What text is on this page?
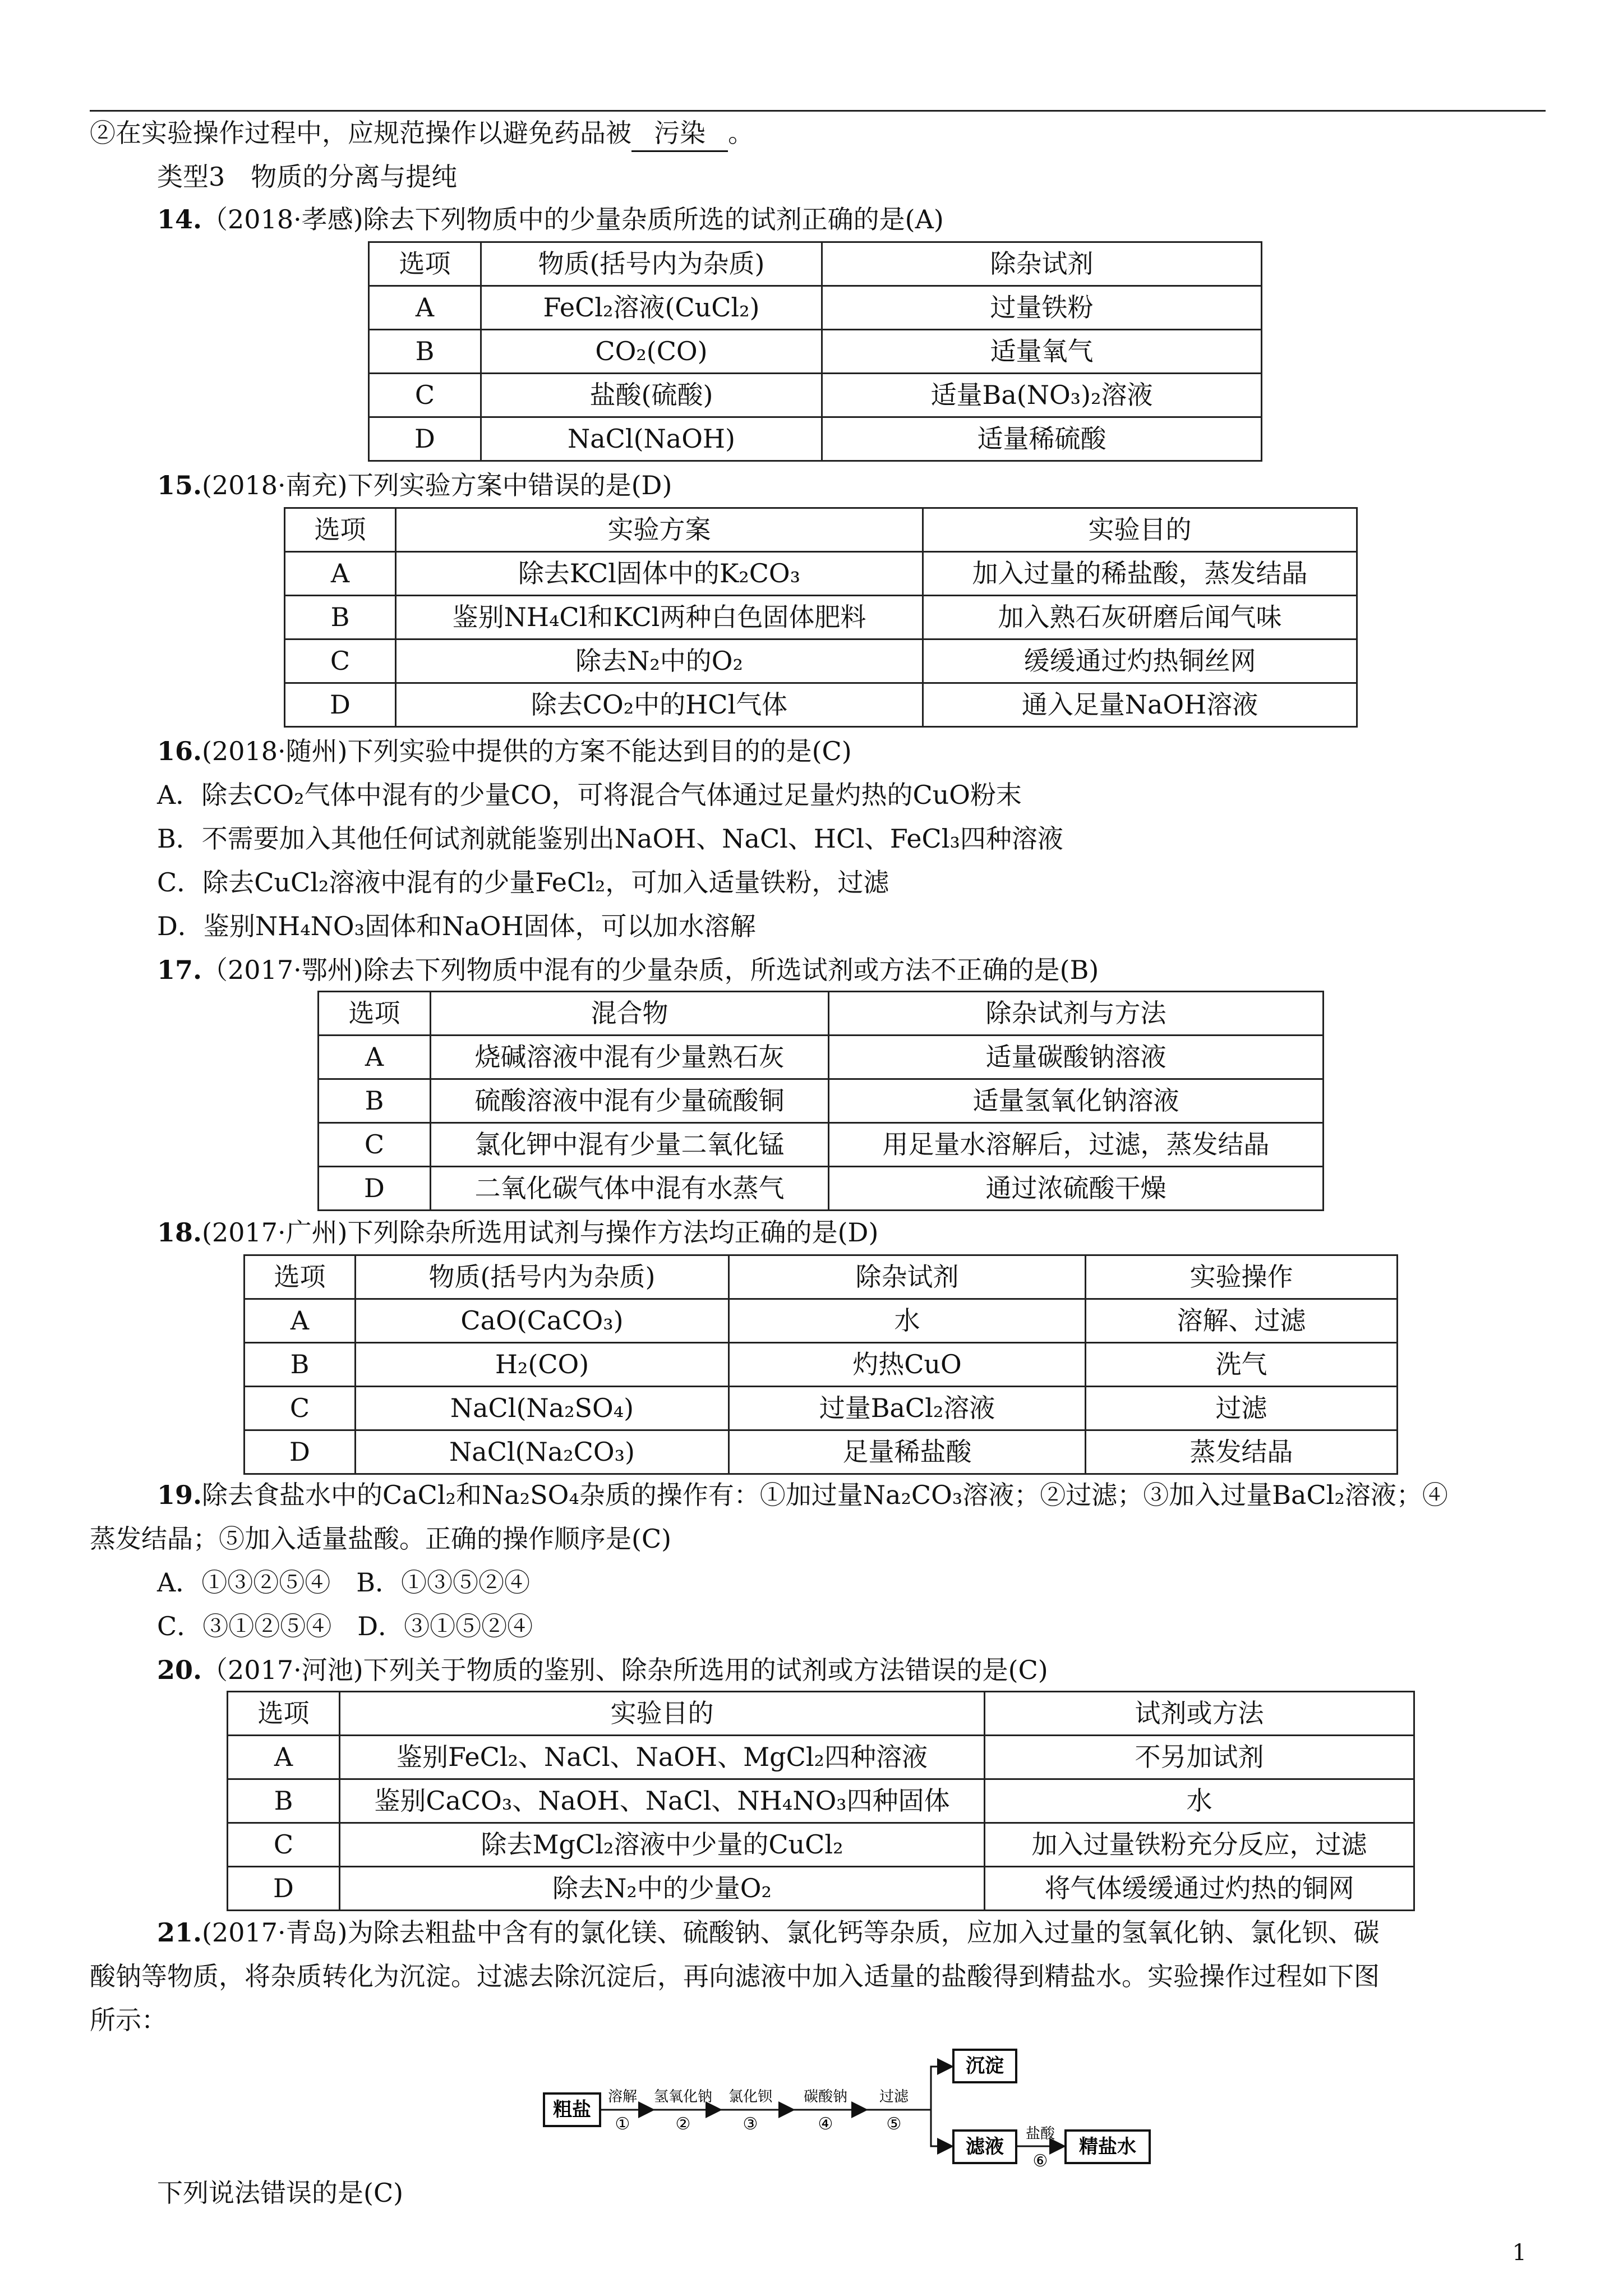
②在实验操作过程中，应规范操作以避免药品被 污染 。
类型3　物质的分离与提纯
14.（2018·孝感)除去下列物质中的少量杂质所选的试剂正确的是(A)
选项	物质(括号内为杂质)	除杂试剂
A	FeCl₂溶液(CuCl₂)	过量铁粉
B	CO₂(CO)	适量氧气
C	盐酸(硫酸)	适量Ba(NO₃)₂溶液
D	NaCl(NaOH)	适量稀硫酸
15.(2018·南充)下列实验方案中错误的是(D)
选项	实验方案	实验目的
A	除去KCl固体中的K₂CO₃	加入过量的稀盐酸，蒸发结晶
B	鉴别NH₄Cl和KCl两种白色固体肥料	加入熟石灰研磨后闻气味
C	除去N₂中的O₂	缓缓通过灼热铜丝网
D	除去CO₂中的HCl气体	通入足量NaOH溶液
16.(2018·随州)下列实验中提供的方案不能达到目的的是(C)
A．除去CO₂气体中混有的少量CO，可将混合气体通过足量灼热的CuO粉末
B．不需要加入其他任何试剂就能鉴别出NaOH、NaCl、HCl、FeCl₃四种溶液
C．除去CuCl₂溶液中混有的少量FeCl₂，可加入适量铁粉，过滤
D．鉴别NH₄NO₃固体和NaOH固体，可以加水溶解
17.（2017·鄂州)除去下列物质中混有的少量杂质，所选试剂或方法不正确的是(B)
选项	混合物	除杂试剂与方法
A	烧碱溶液中混有少量熟石灰	适量碳酸钠溶液
B	硫酸溶液中混有少量硫酸铜	适量氢氧化钠溶液
C	氯化钾中混有少量二氧化锰	用足量水溶解后，过滤，蒸发结晶
D	二氧化碳气体中混有水蒸气	通过浓硫酸干燥
18.(2017·广州)下列除杂所选用试剂与操作方法均正确的是(D)
选项	物质(括号内为杂质)	除杂试剂	实验操作
A	CaO(CaCO₃)	水	溶解、过滤
B	H₂(CO)	灼热CuO	洗气
C	NaCl(Na₂SO₄)	过量BaCl₂溶液	过滤
D	NaCl(Na₂CO₃)	足量稀盐酸	蒸发结晶
19.除去食盐水中的CaCl₂和Na₂SO₄杂质的操作有：①加过量Na₂CO₃溶液；②过滤；③加入过量BaCl₂溶液；④
蒸发结晶；⑤加入适量盐酸。正确的操作顺序是(C)
A．①③②⑤④　B．①③⑤②④
C．③①②⑤④　D．③①⑤②④
20.（2017·河池)下列关于物质的鉴别、除杂所选用的试剂或方法错误的是(C)
选项	实验目的	试剂或方法
A	鉴别FeCl₂、NaCl、NaOH、MgCl₂四种溶液	不另加试剂
B	鉴别CaCO₃、NaOH、NaCl、NH₄NO₃四种固体	水
C	除去MgCl₂溶液中少量的CuCl₂	加入过量铁粉充分反应，过滤
D	除去N₂中的少量O₂	将气体缓缓通过灼热的铜网
21.(2017·青岛)为除去粗盐中含有的氯化镁、硫酸钠、氯化钙等杂质，应加入过量的氢氧化钠、氯化钡、碳
酸钠等物质，将杂质转化为沉淀。过滤去除沉淀后，再向滤液中加入适量的盐酸得到精盐水。实验操作过程如下图
所示：
粗盐
溶解
①
氢氧化钠
②
氯化钡
③
碳酸钠
④
过滤
⑤
沉淀
滤液
盐酸
⑥
精盐水
下列说法错误的是(C)
1
